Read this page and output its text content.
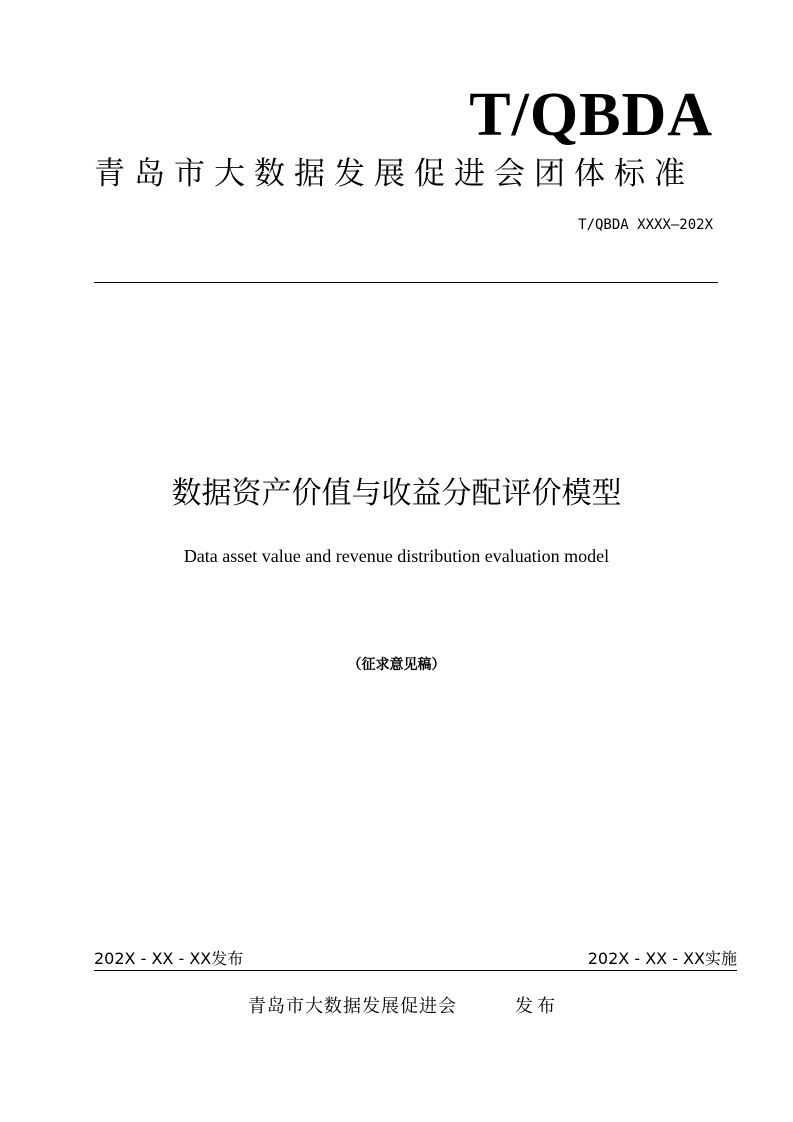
T/QBDA
青岛市大数据发展促进会团体标准
T/QBDA XXXX—202X
数据资产价值与收益分配评价模型
Data asset value and revenue distribution evaluation model
（征求意见稿）
202X - XX - XX发布	202X - XX - XX实施
青岛市大数据发展促进会	发布
